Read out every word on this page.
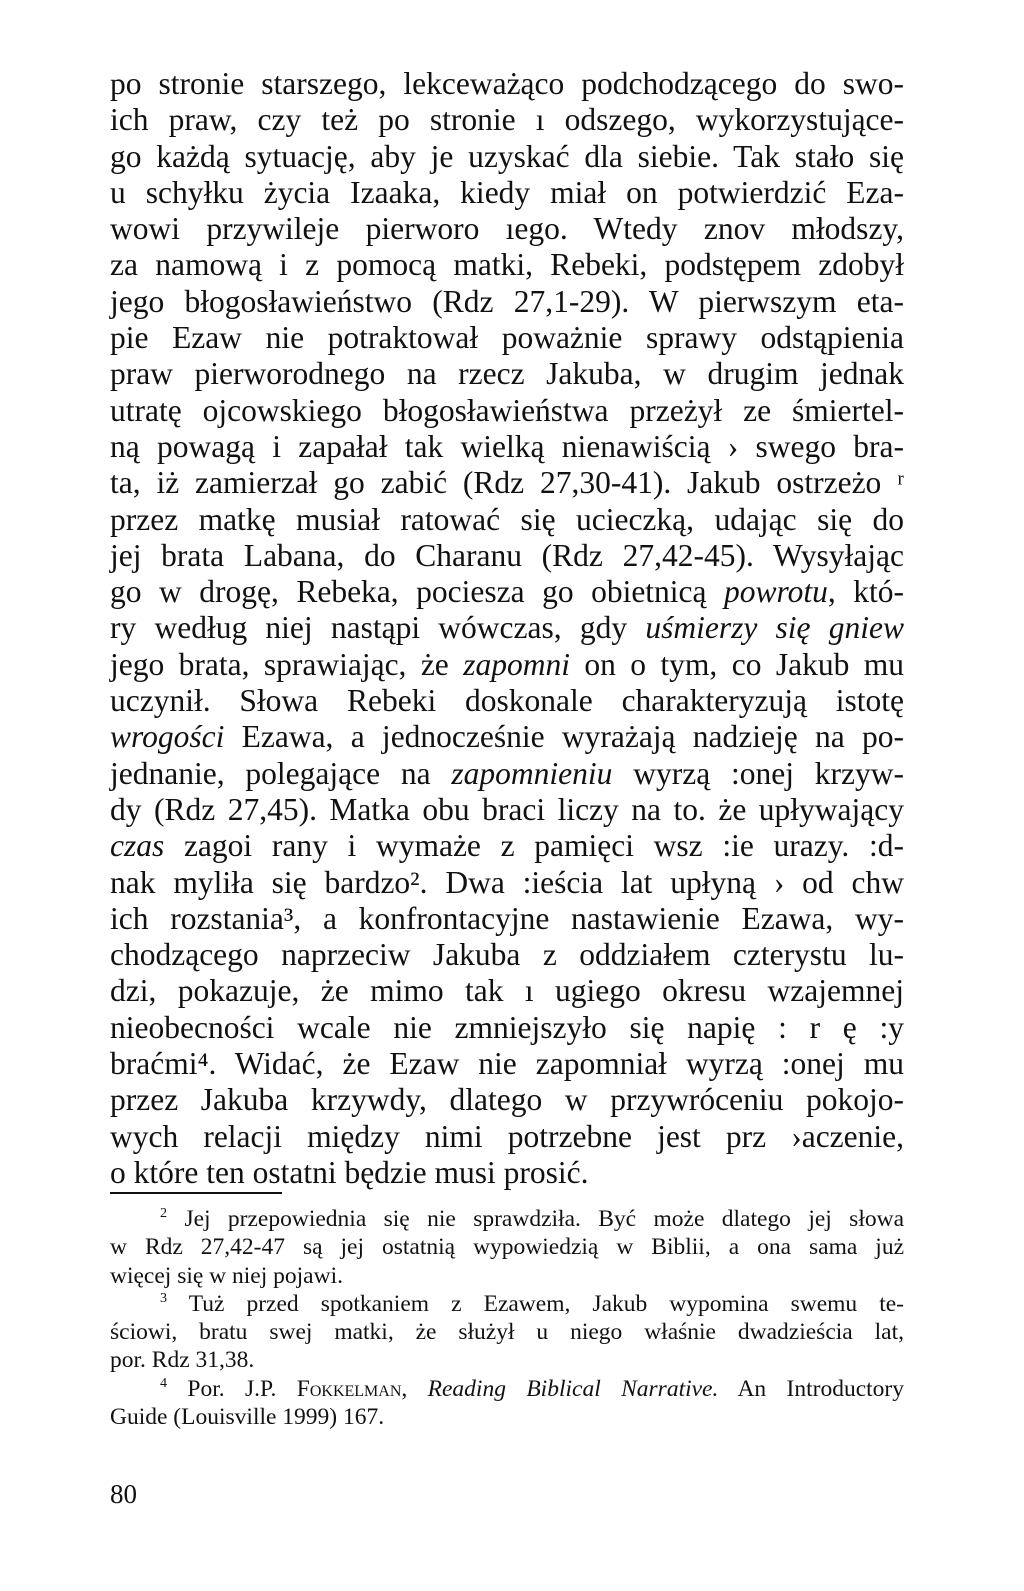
po stronie starszego, lekceważąco podchodzącego do swo-
ich praw, czy też po stronie ı odszego, wykorzystujące-
go każdą sytuację, aby je uzyskać dla siebie. Tak stało się
u schyłku życia Izaaka, kiedy miał on potwierdzić Eza-
wowi przywileje pierworo ıego. Wtedy znov młodszy,
za namową i z pomocą matki, Rebeki, podstępem zdobył
jego błogosławieństwo (Rdz 27,1-29). W pierwszym eta-
pie Ezaw nie potraktował poważnie sprawy odstąpienia
praw pierworodnego na rzecz Jakuba, w drugim jednak
utratę ojcowskiego błogosławieństwa przeżył ze śmiertel-
ną powagą i zapałał tak wielką nienawiścią › swego bra-
ta, iż zamierzał go zabić (Rdz 27,30-41). Jakub ostrzeżo ʳ
przez matkę musiał ratować się ucieczką, udając się do
jej brata Labana, do Charanu (Rdz 27,42-45). Wysyłając
go w drogę, Rebeka, pociesza go obietnicą powrotu, któ-
ry według niej nastąpi wówczas, gdy uśmierzy się gniew
jego brata, sprawiając, że zapomni on o tym, co Jakub mu
uczynił. Słowa Rebeki doskonale charakteryzują istotę
wrogości Ezawa, a jednocześnie wyrażają nadzieję na po-
jednanie, polegające na zapomnieniu wyrzą :onej krzyw-
dy (Rdz 27,45). Matka obu braci liczy na to. że upływający
czas zagoi rany i wymaże z pamięci wsz :ie urazy. :d-
nak myliła się bardzo². Dwa :ieścia lat upłyną › od chw
ich rozstania³, a konfrontacyjne nastawienie Ezawa, wy-
chodzącego naprzeciw Jakuba z oddziałem czterystu lu-
dzi, pokazuje, że mimo tak ı ugiego okresu wzajemnej
nieobecności wcale nie zmniejszyło się napię : r ę :y
braćmi⁴. Widać, że Ezaw nie zapomniał wyrzą :onej mu
przez Jakuba krzywdy, dlatego w przywróceniu pokojo-
wych relacji między nimi potrzebne jest prz ›aczenie,
o które ten ostatni będzie musi prosić.
$^2$ Jej przepowiednia się nie sprawdziła. Być może dlatego jej słowa
w Rdz 27,42-47 są jej ostatnią wypowiedzią w Biblii, a ona sama już
więcej się w niej pojawi.
$^3$ Tuż przed spotkaniem z Ezawem, Jakub wypomina swemu te-
ściowi, bratu swej matki, że służył u niego właśnie dwadzieścia lat,
por. Rdz 31,38.
$^4$ Por. J.P. Fokkelman, Reading Biblical Narrative. An Introductory
Guide (Louisville 1999) 167.
80
